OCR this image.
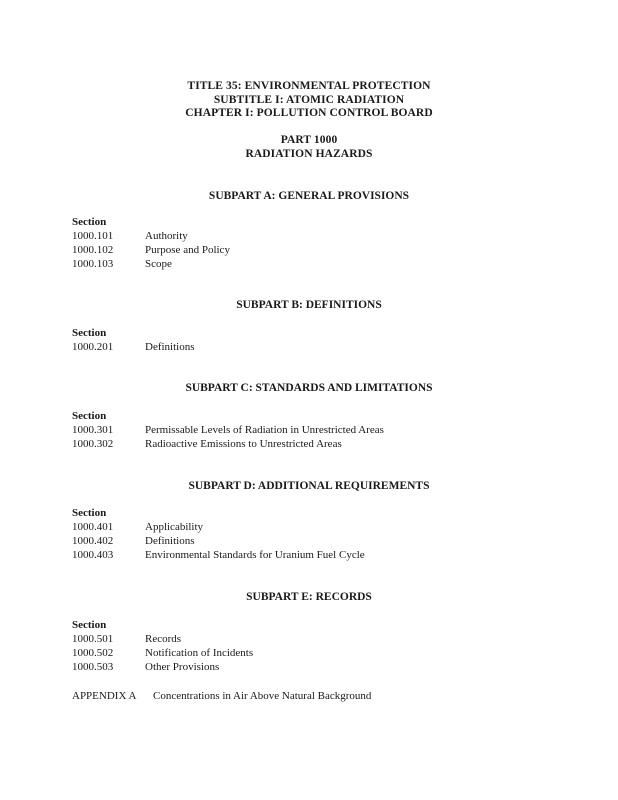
TITLE 35: ENVIRONMENTAL PROTECTION
SUBTITLE I: ATOMIC RADIATION
CHAPTER I: POLLUTION CONTROL BOARD
PART 1000
RADIATION HAZARDS
SUBPART A: GENERAL PROVISIONS
Section
1000.101	Authority
1000.102	Purpose and Policy
1000.103	Scope
SUBPART B: DEFINITIONS
Section
1000.201	Definitions
SUBPART C: STANDARDS AND LIMITATIONS
Section
1000.301	Permissable Levels of Radiation in Unrestricted Areas
1000.302	Radioactive Emissions to Unrestricted Areas
SUBPART D: ADDITIONAL REQUIREMENTS
Section
1000.401	Applicability
1000.402	Definitions
1000.403	Environmental Standards for Uranium Fuel Cycle
SUBPART E: RECORDS
Section
1000.501	Records
1000.502	Notification of Incidents
1000.503	Other Provisions
APPENDIX A Concentrations in Air Above Natural Background
